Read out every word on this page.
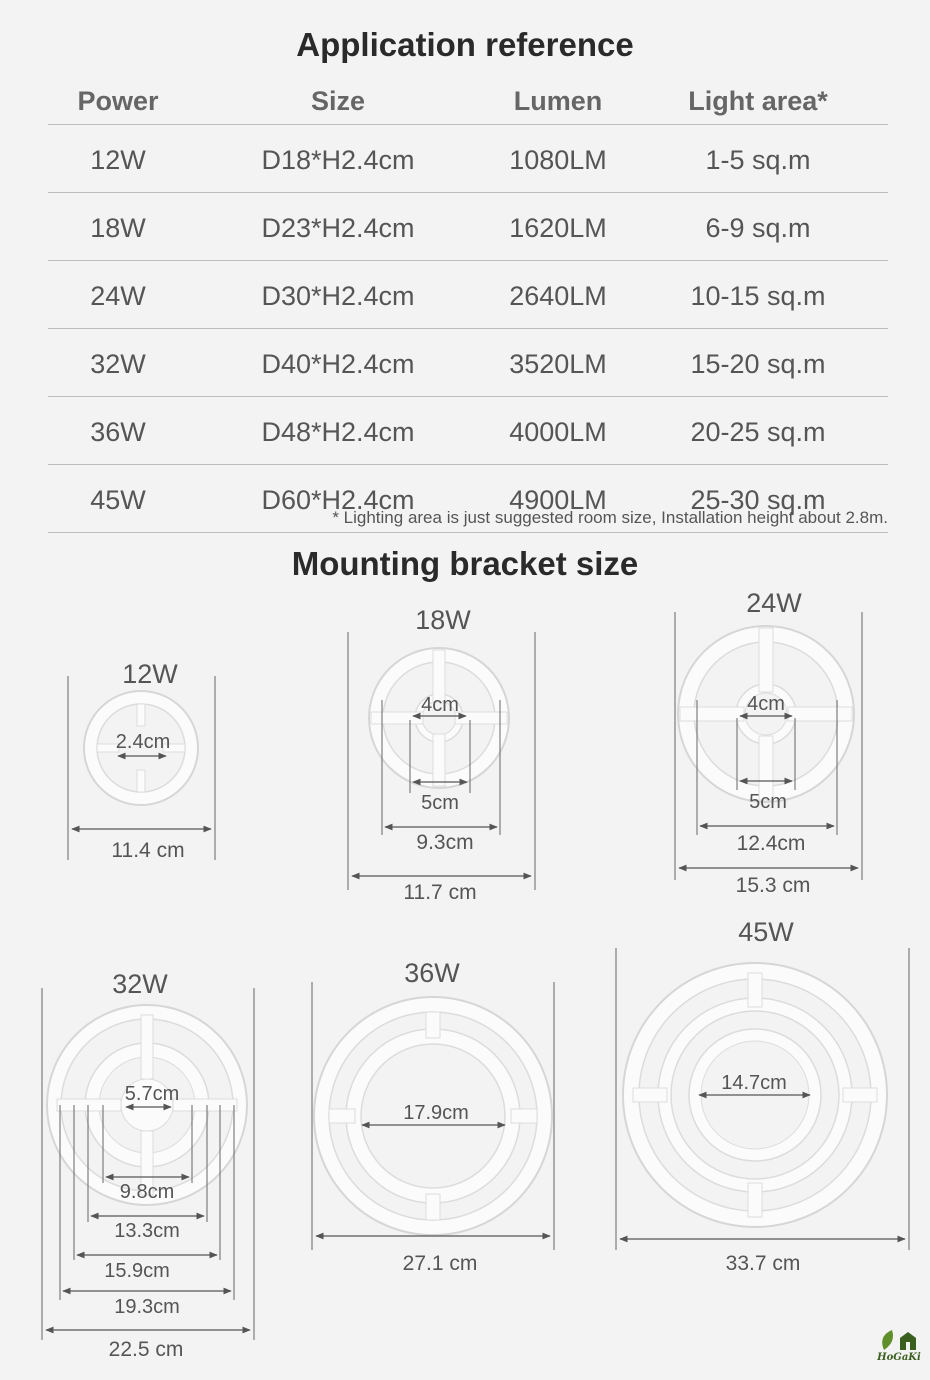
Application reference
Power	Size	Lumen	Light area*
12W	D18*H2.4cm	1080LM	1-5 sq.m
18W	D23*H2.4cm	1620LM	6-9 sq.m
24W	D30*H2.4cm	2640LM	10-15 sq.m
32W	D40*H2.4cm	3520LM	15-20 sq.m
36W	D48*H2.4cm	4000LM	20-25 sq.m
45W	D60*H2.4cm	4900LM	25-30 sq.m
* Lighting area is just suggested room size, Installation height about 2.8m.
Mounting bracket size
12W
11.4 cm
2.4cm
18W
4cm
5cm
9.3cm
11.7 cm
24W
4cm
5cm
12.4cm
15.3 cm
32W
5.7cm
9.8cm
13.3cm
15.9cm
19.3cm
22.5 cm
36W
17.9cm
27.1 cm
45W
14.7cm
33.7 cm
HoGaKi
